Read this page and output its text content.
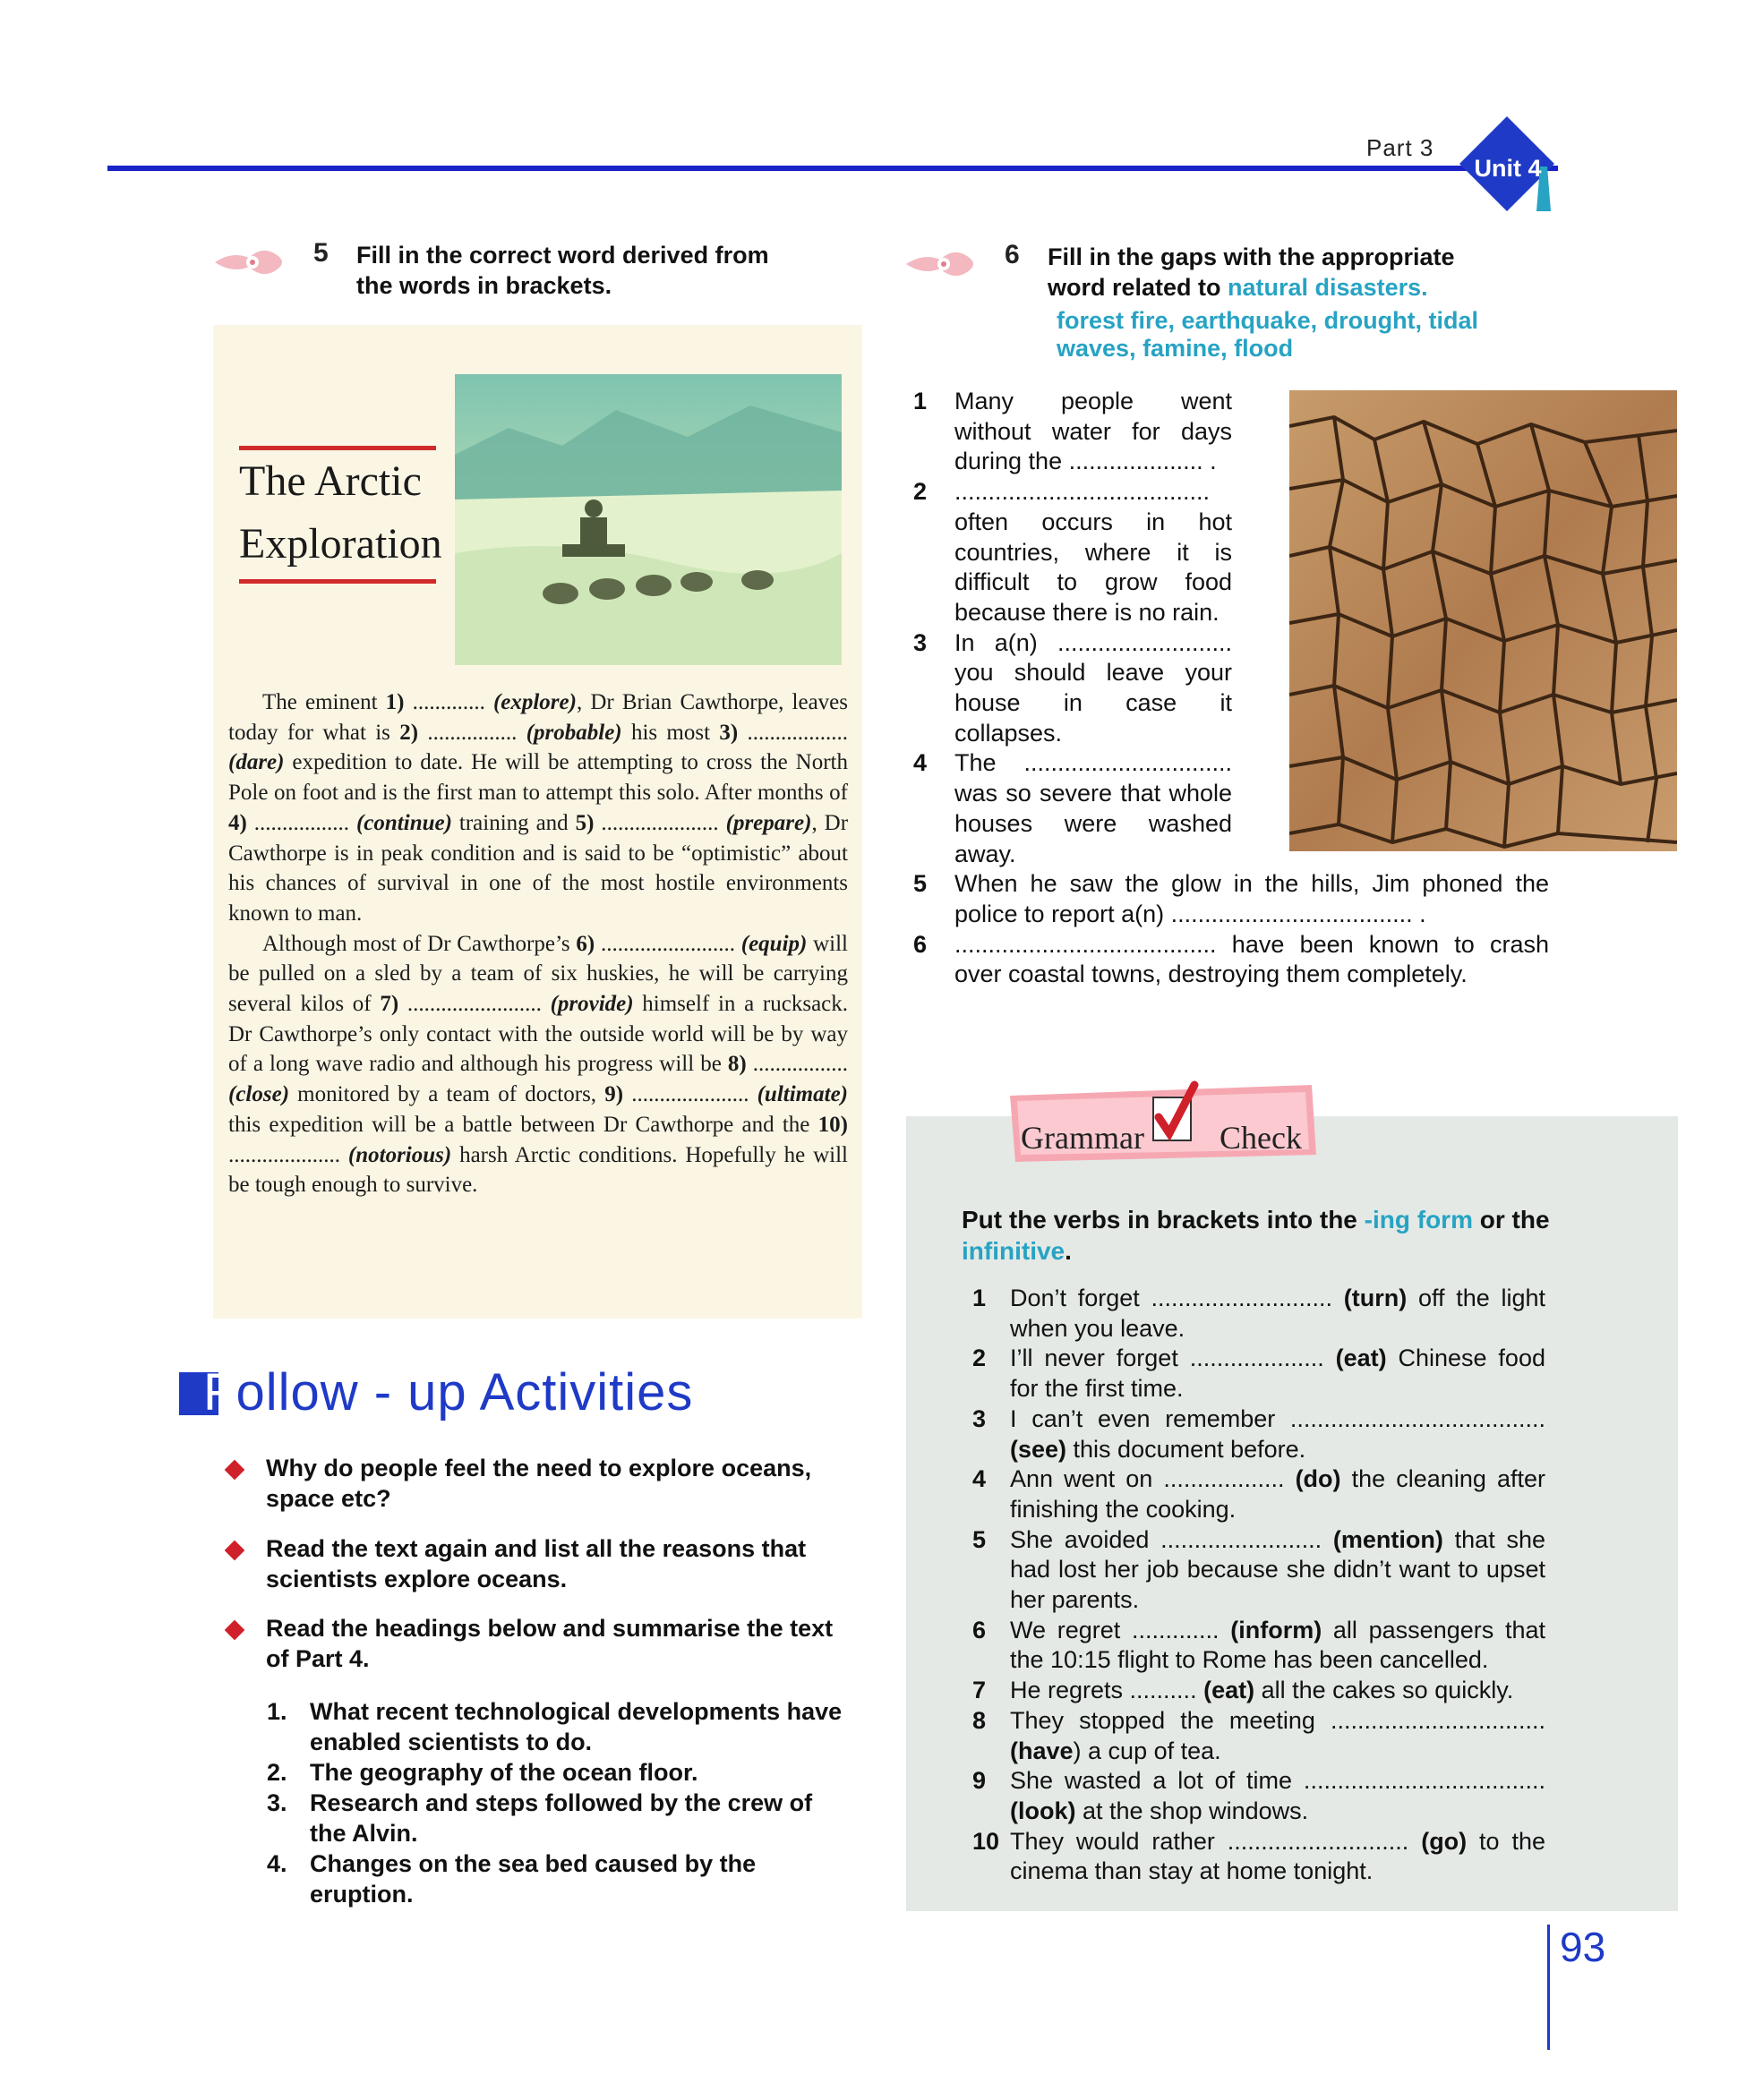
Part 3
Unit 4
5 Fill in the correct word derived from
the words in brackets.
The Arctic
Exploration

The eminent 1) ............. (explore), Dr Brian Cawthorpe, leaves today for what is 2) ................ (probable) his most 3) .................. (dare) expedition to date. He will be attempting to cross the North Pole on foot and is the first man to attempt this solo. After months of 4) ................. (continue) training and 5) ..................... (prepare), Dr Cawthorpe is in peak condition and is said to be “optimistic” about his chances of survival in one of the most hostile environments known to man.

Although most of Dr Cawthorpe’s 6) ........................ (equip) will be pulled on a sled by a team of six huskies, he will be carrying several kilos of 7) ........................ (provide) himself in a rucksack. Dr Cawthorpe’s only contact with the outside world will be by way of a long wave radio and although his progress will be 8) ................. (close) monitored by a team of doctors, 9) ..................... (ultimate) this expedition will be a battle between Dr Cawthorpe and the 10) .................... (notorious) harsh Arctic conditions. Hopefully he will be tough enough to survive.

Follow - up Activities
Why do people feel the need to explore oceans, space etc?
Read the text again and list all the reasons that scientists explore oceans.
Read the headings below and summarise the text of Part 4.
1. What recent technological developments have enabled scientists to do.
2. The geography of the ocean floor.
3. Research and steps followed by the crew of the Alvin.
4. Changes on the sea bed caused by the eruption.
6 Fill in the gaps with the appropriate
word related to natural disasters.
forest fire, earthquake, drought, tidal waves, famine, flood
1	Many people went without water for days during the .................... .
2	...................................... often occurs in hot countries, where it is difficult to grow food because there is no rain.
3	In a(n) .......................... you should leave your house in case it collapses.
4	The ............................... was so severe that whole houses were washed away.
5	When he saw the glow in the hills, Jim phoned the police to report a(n) .................................... .
6	....................................... have been known to crash over coastal towns, destroying them completely.
Grammar Check
Put the verbs in brackets into the -ing form or the infinitive.
1 Don’t forget ........................... (turn) off the light when you leave.
2 I’ll never forget .................... (eat) Chinese food for the first time.
3 I can’t even remember ...................................... (see) this document before.
4 Ann went on .................. (do) the cleaning after finishing the cooking.
5 She avoided ........................ (mention) that she had lost her job because she didn’t want to upset her parents.
6 We regret ............. (inform) all passengers that the 10:15 flight to Rome has been cancelled.
7 He regrets .......... (eat) all the cakes so quickly.
8 They stopped the meeting ................................ (have) a cup of tea.
9 She wasted a lot of time .................................... (look) at the shop windows.
10 They would rather ........................... (go) to the cinema than stay at home tonight.
93
